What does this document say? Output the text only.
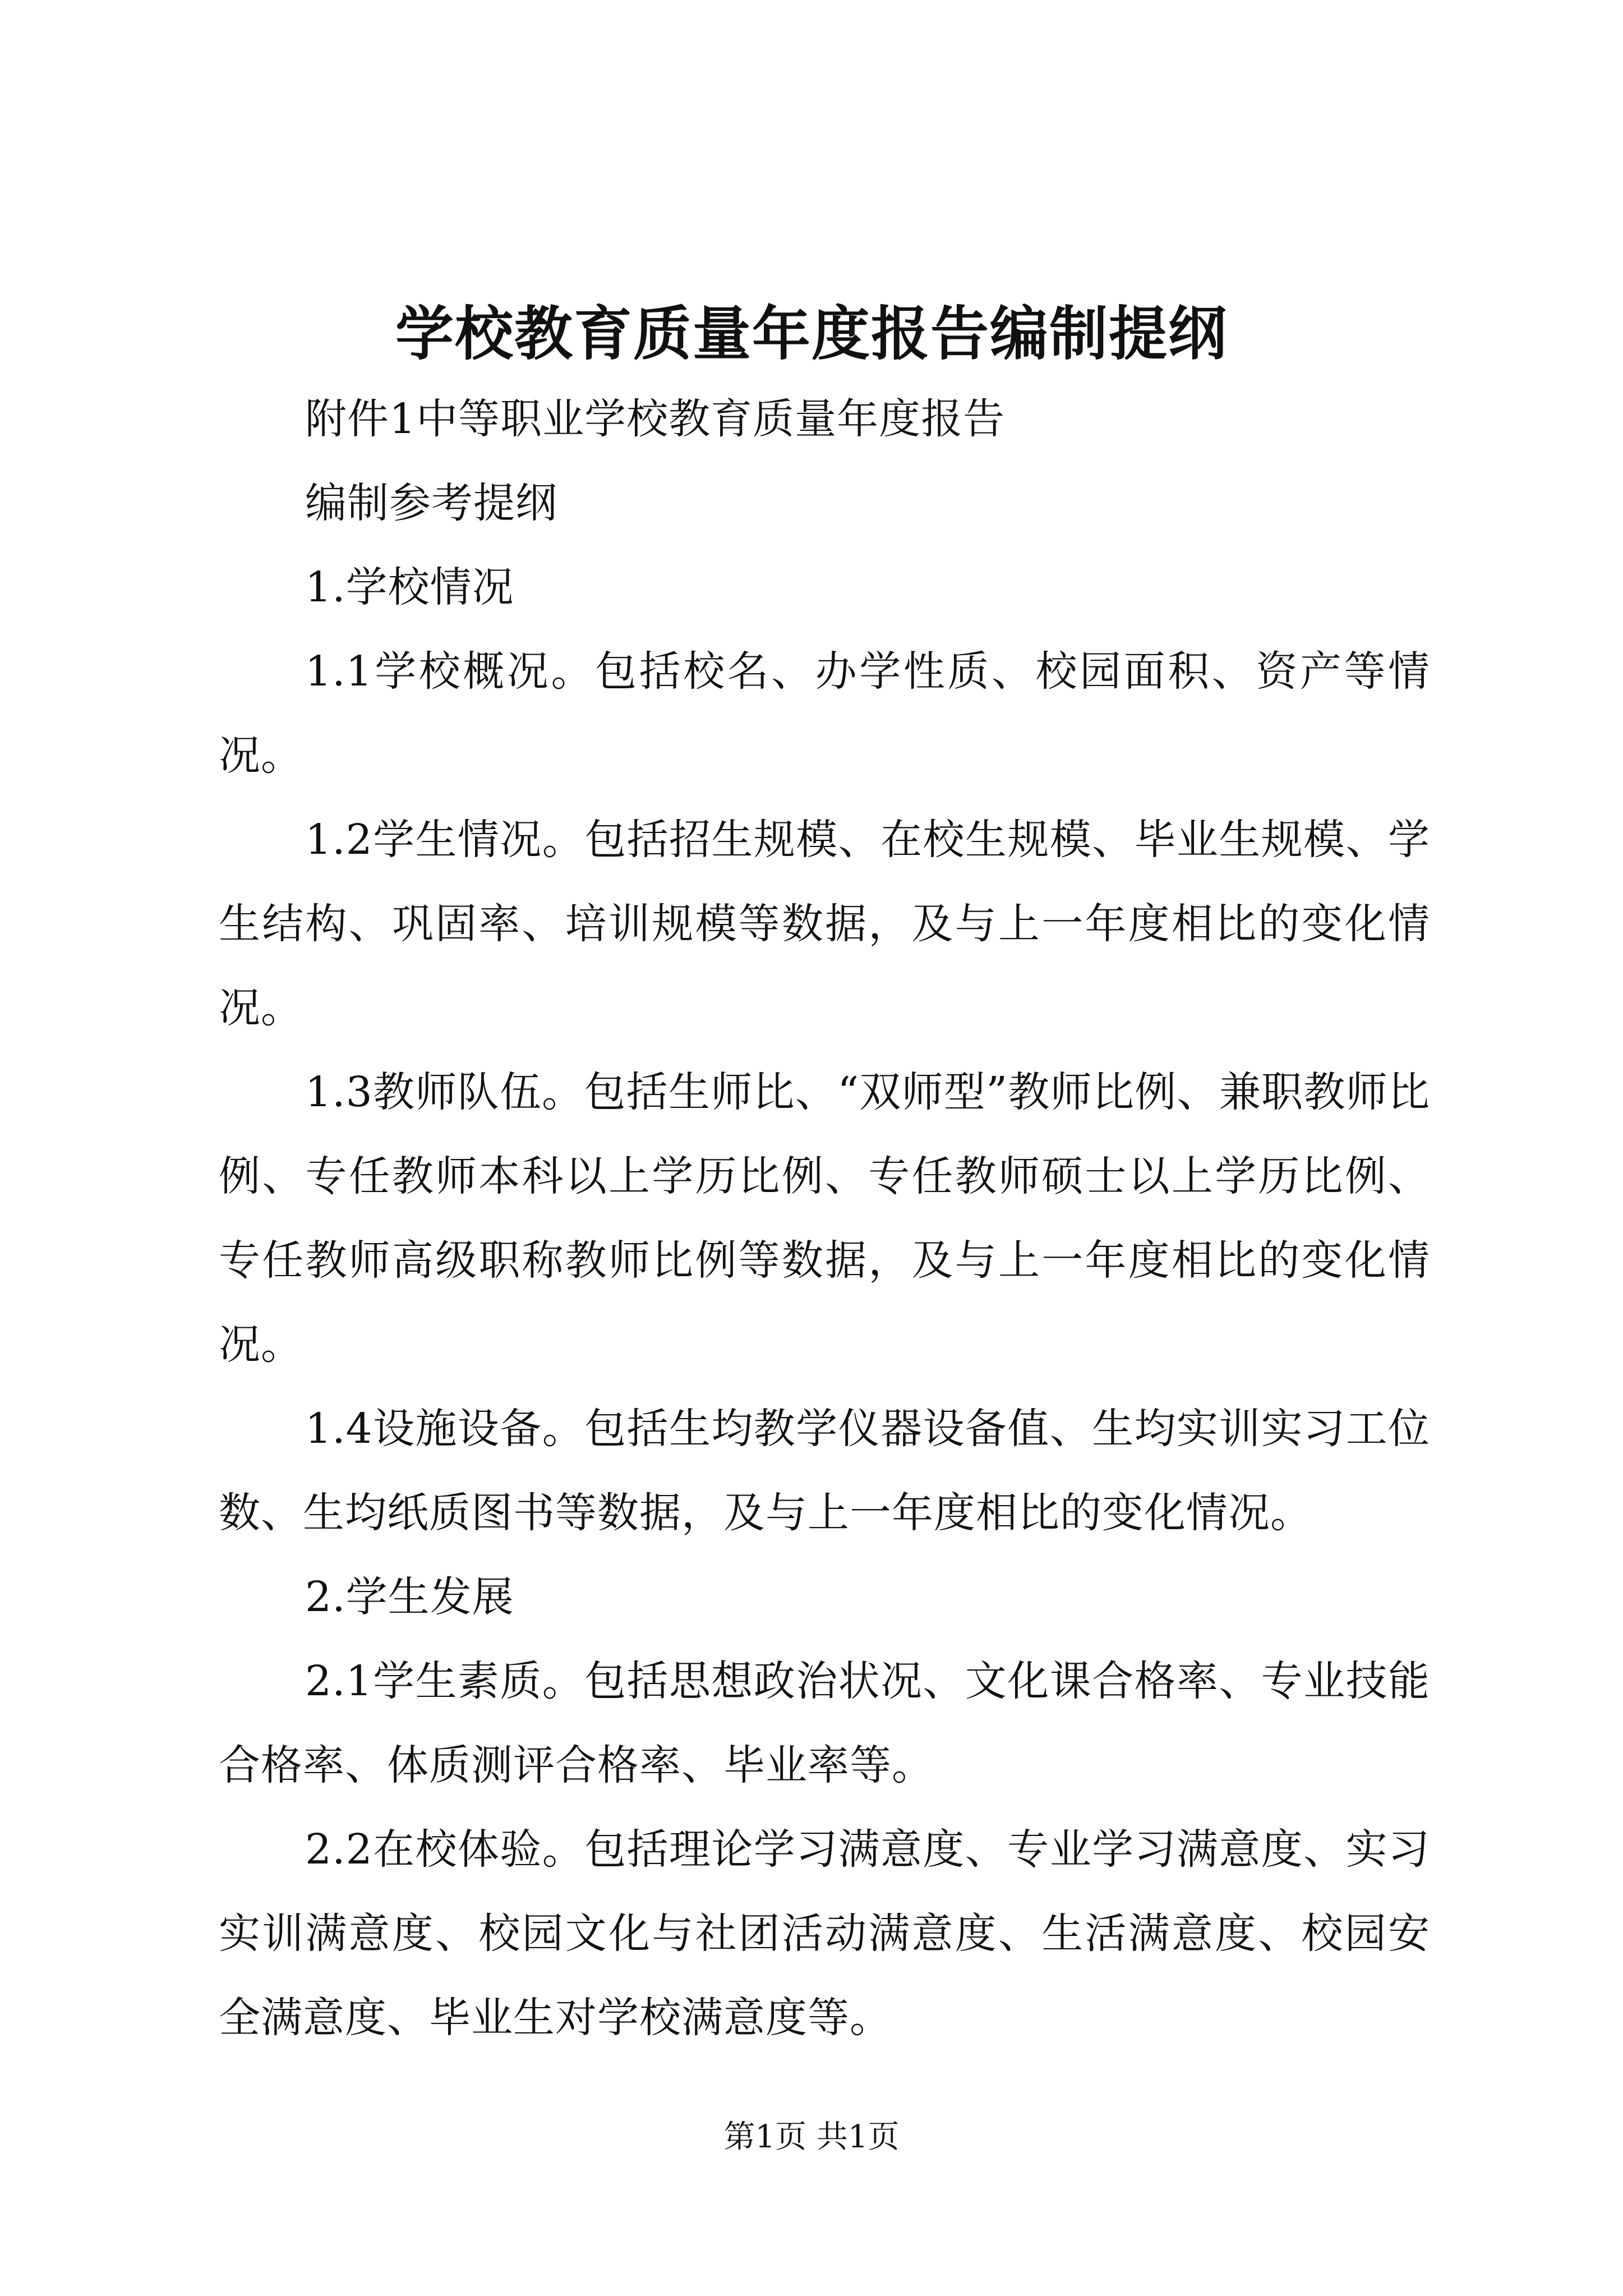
学校教育质量年度报告编制提纲

附件1中等职业学校教育质量年度报告

编制参考提纲

1.学校情况

1.1学校概况。包括校名、办学性质、校园面积、资产等情况。

1.2学生情况。包括招生规模、在校生规模、毕业生规模、学生结构、巩固率、培训规模等数据，及与上一年度相比的变化情况。

1.3教师队伍。包括生师比、“双师型”教师比例、兼职教师比例、专任教师本科以上学历比例、专任教师硕士以上学历比例、专任教师高级职称教师比例等数据，及与上一年度相比的变化情况。

1.4设施设备。包括生均教学仪器设备值、生均实训实习工位数、生均纸质图书等数据，及与上一年度相比的变化情况。

2.学生发展

2.1学生素质。包括思想政治状况、文化课合格率、专业技能合格率、体质测评合格率、毕业率等。

2.2在校体验。包括理论学习满意度、专业学习满意度、实习实训满意度、校园文化与社团活动满意度、生活满意度、校园安全满意度、毕业生对学校满意度等。

第1页 共1页
